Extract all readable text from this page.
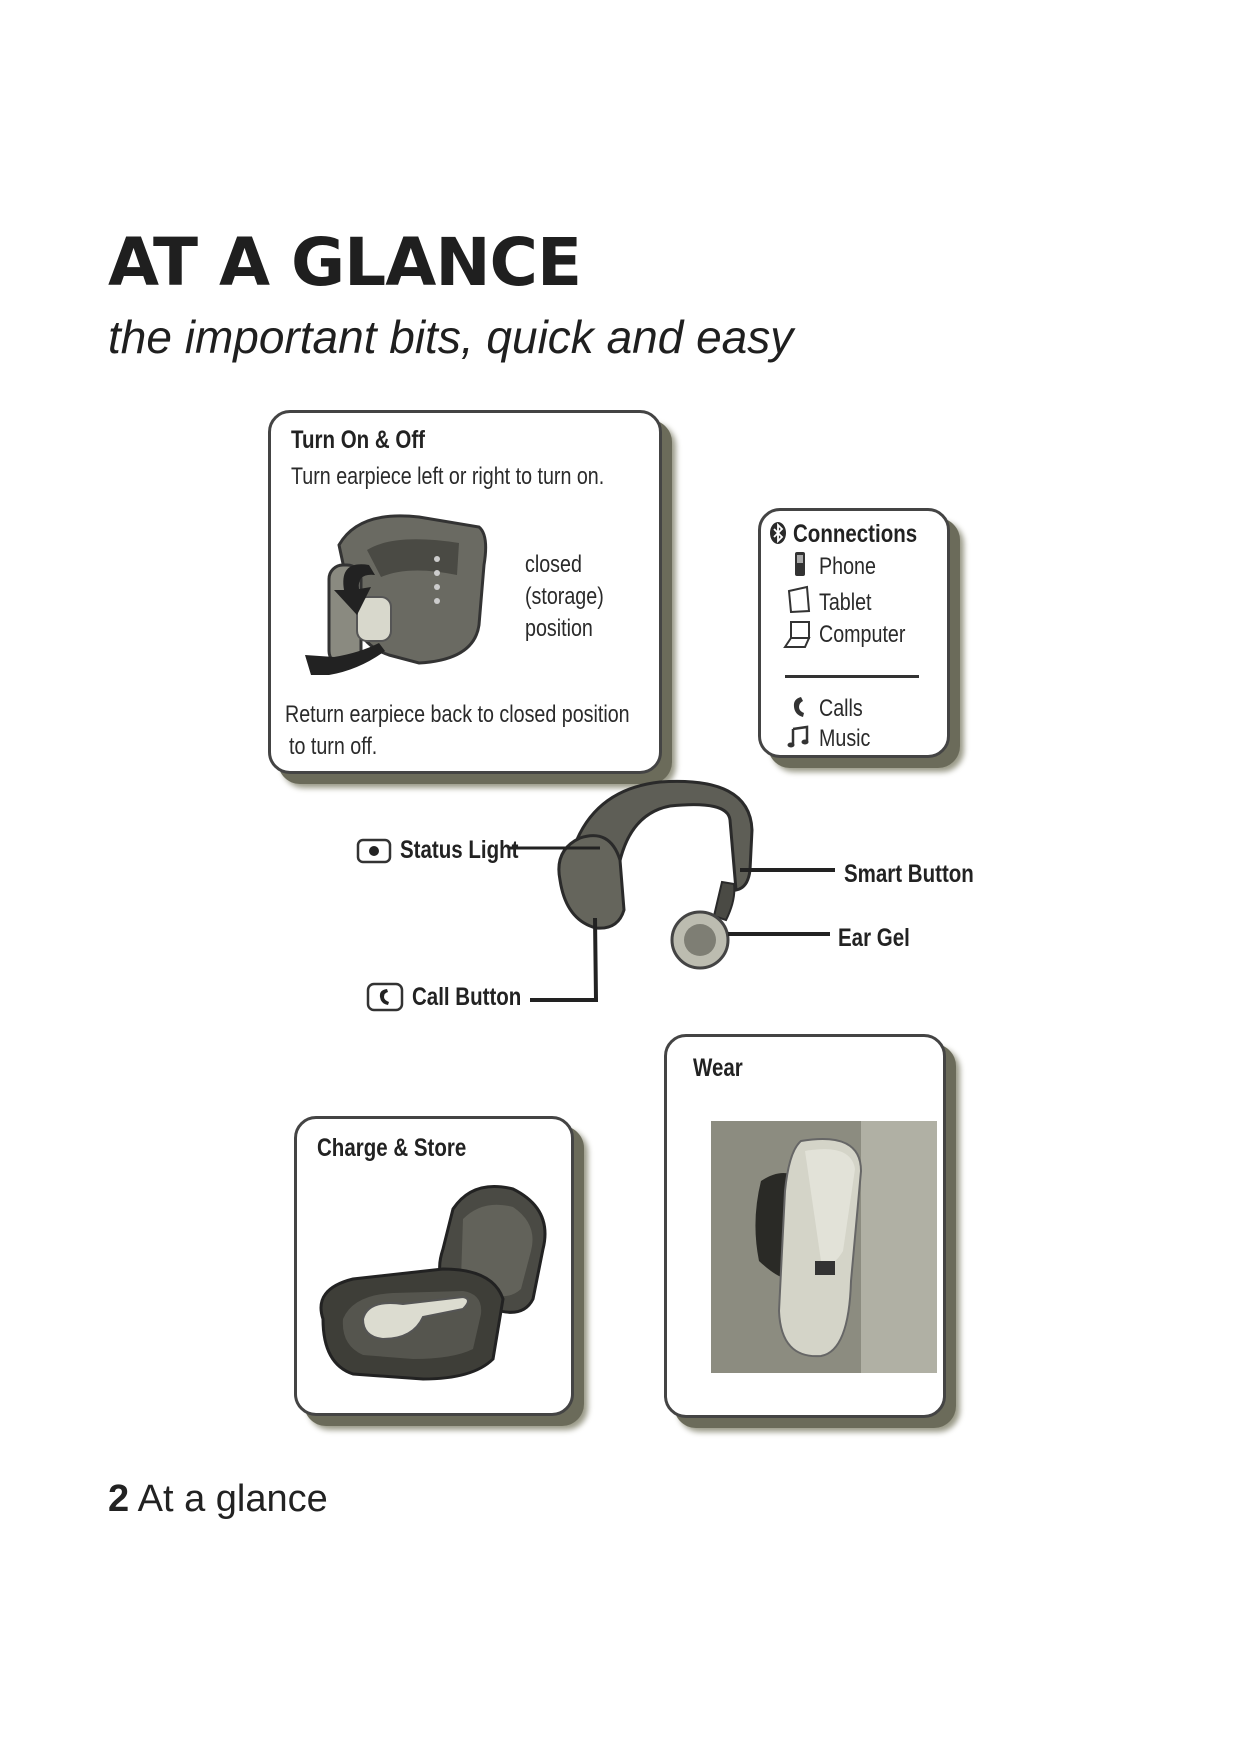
AT A GLANCE

the important bits, quick and easy

Turn On & Off
Turn earpiece left or right to turn on.
closed
(storage)
position
Return earpiece back to closed position
to turn off.
Connections
Phone
Tablet
Computer
Calls
Music
Status Light
Smart Button
Ear Gel
Call Button
Wear
Charge & Store
2 At a glance
